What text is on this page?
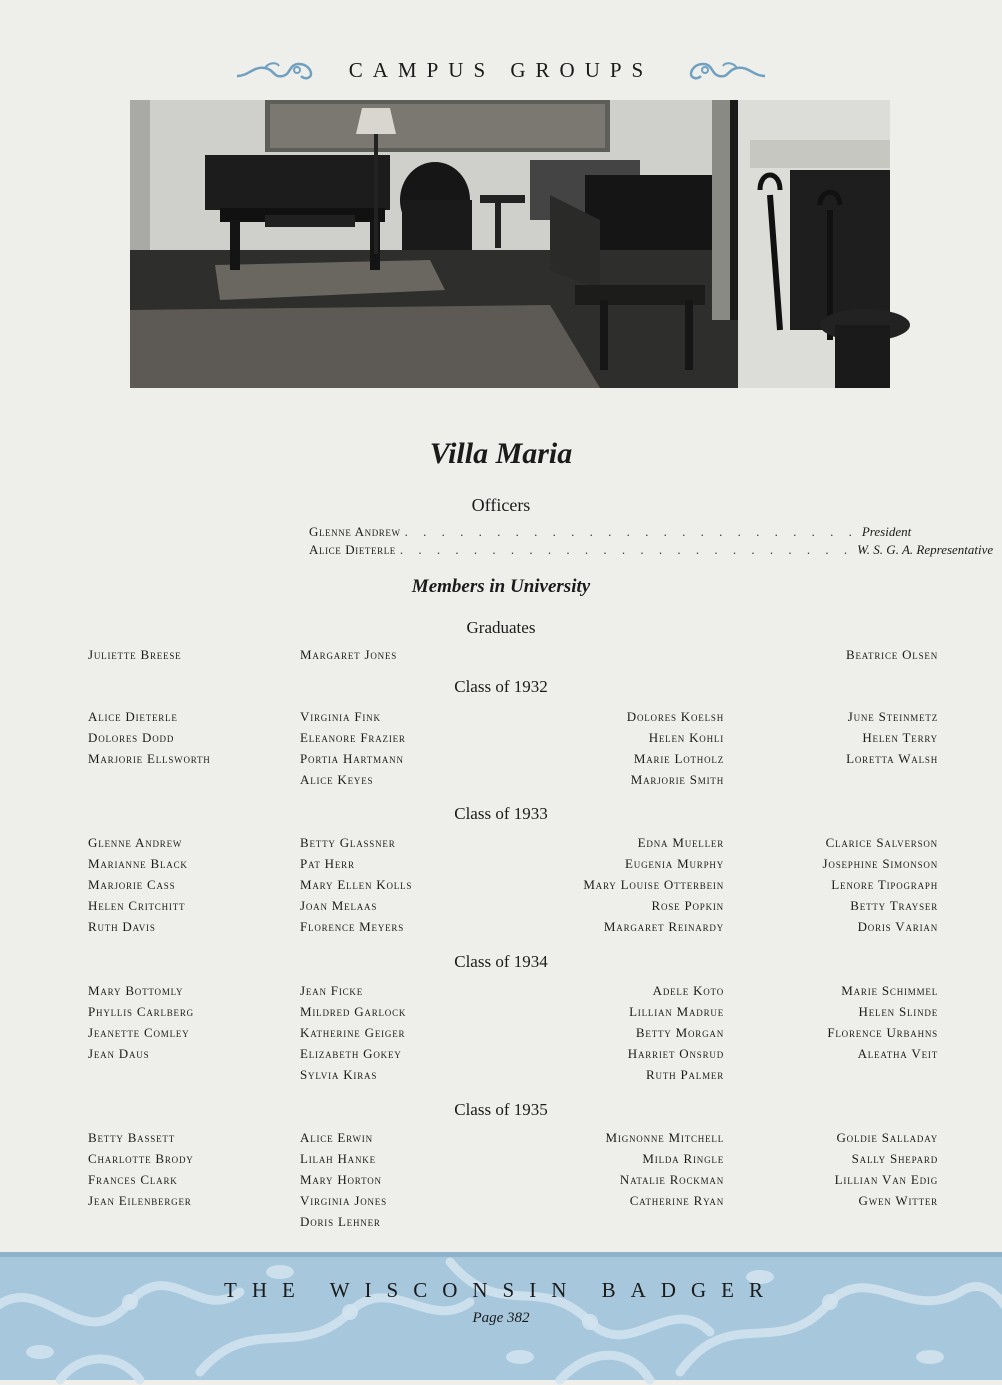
CAMPUS GROUPS
Villa Maria
Officers
Glenne Andrew . . . . . . . . . . . . . . . . . . . . . . . . . President
Alice Dieterle . . . . . . . . . . . . . . . . . . . . . . . . . W. S. G. A. Representative
Members in University
Graduates
Juliette Breese	Margaret Jones	Beatrice Olsen
Class of 1932
Alice Dieterle
Dolores Dodd
Marjorie Ellsworth
Virginia Fink
Eleanore Frazier
Portia Hartmann
Alice Keyes
Dolores Koelsh
Helen Kohli
Marie Lotholz
Marjorie Smith
June Steinmetz
Helen Terry
Loretta Walsh
Class of 1933
Glenne Andrew
Marianne Black
Marjorie Cass
Helen Critchitt
Ruth Davis
Betty Glassner
Pat Herr
Mary Ellen Kolls
Joan Melaas
Florence Meyers
Edna Mueller
Eugenia Murphy
Mary Louise Otterbein
Rose Popkin
Margaret Reinardy
Clarice Salverson
Josephine Simonson
Lenore Tipograph
Betty Trayser
Doris Varian
Class of 1934
Mary Bottomly
Phyllis Carlberg
Jeanette Comley
Jean Daus
Jean Ficke
Mildred Garlock
Katherine Geiger
Elizabeth Gokey
Sylvia Kiras
Adele Koto
Lillian Madrue
Betty Morgan
Harriet Onsrud
Ruth Palmer
Marie Schimmel
Helen Slinde
Florence Urbahns
Aleatha Veit
Class of 1935
Betty Bassett
Charlotte Brody
Frances Clark
Jean Eilenberger
Alice Erwin
Lilah Hanke
Mary Horton
Virginia Jones
Doris Lehner
Mignonne Mitchell
Milda Ringle
Natalie Rockman
Catherine Ryan
Goldie Salladay
Sally Shepard
Lillian Van Edig
Gwen Witter
THE WISCONSIN BADGER
Page 382
